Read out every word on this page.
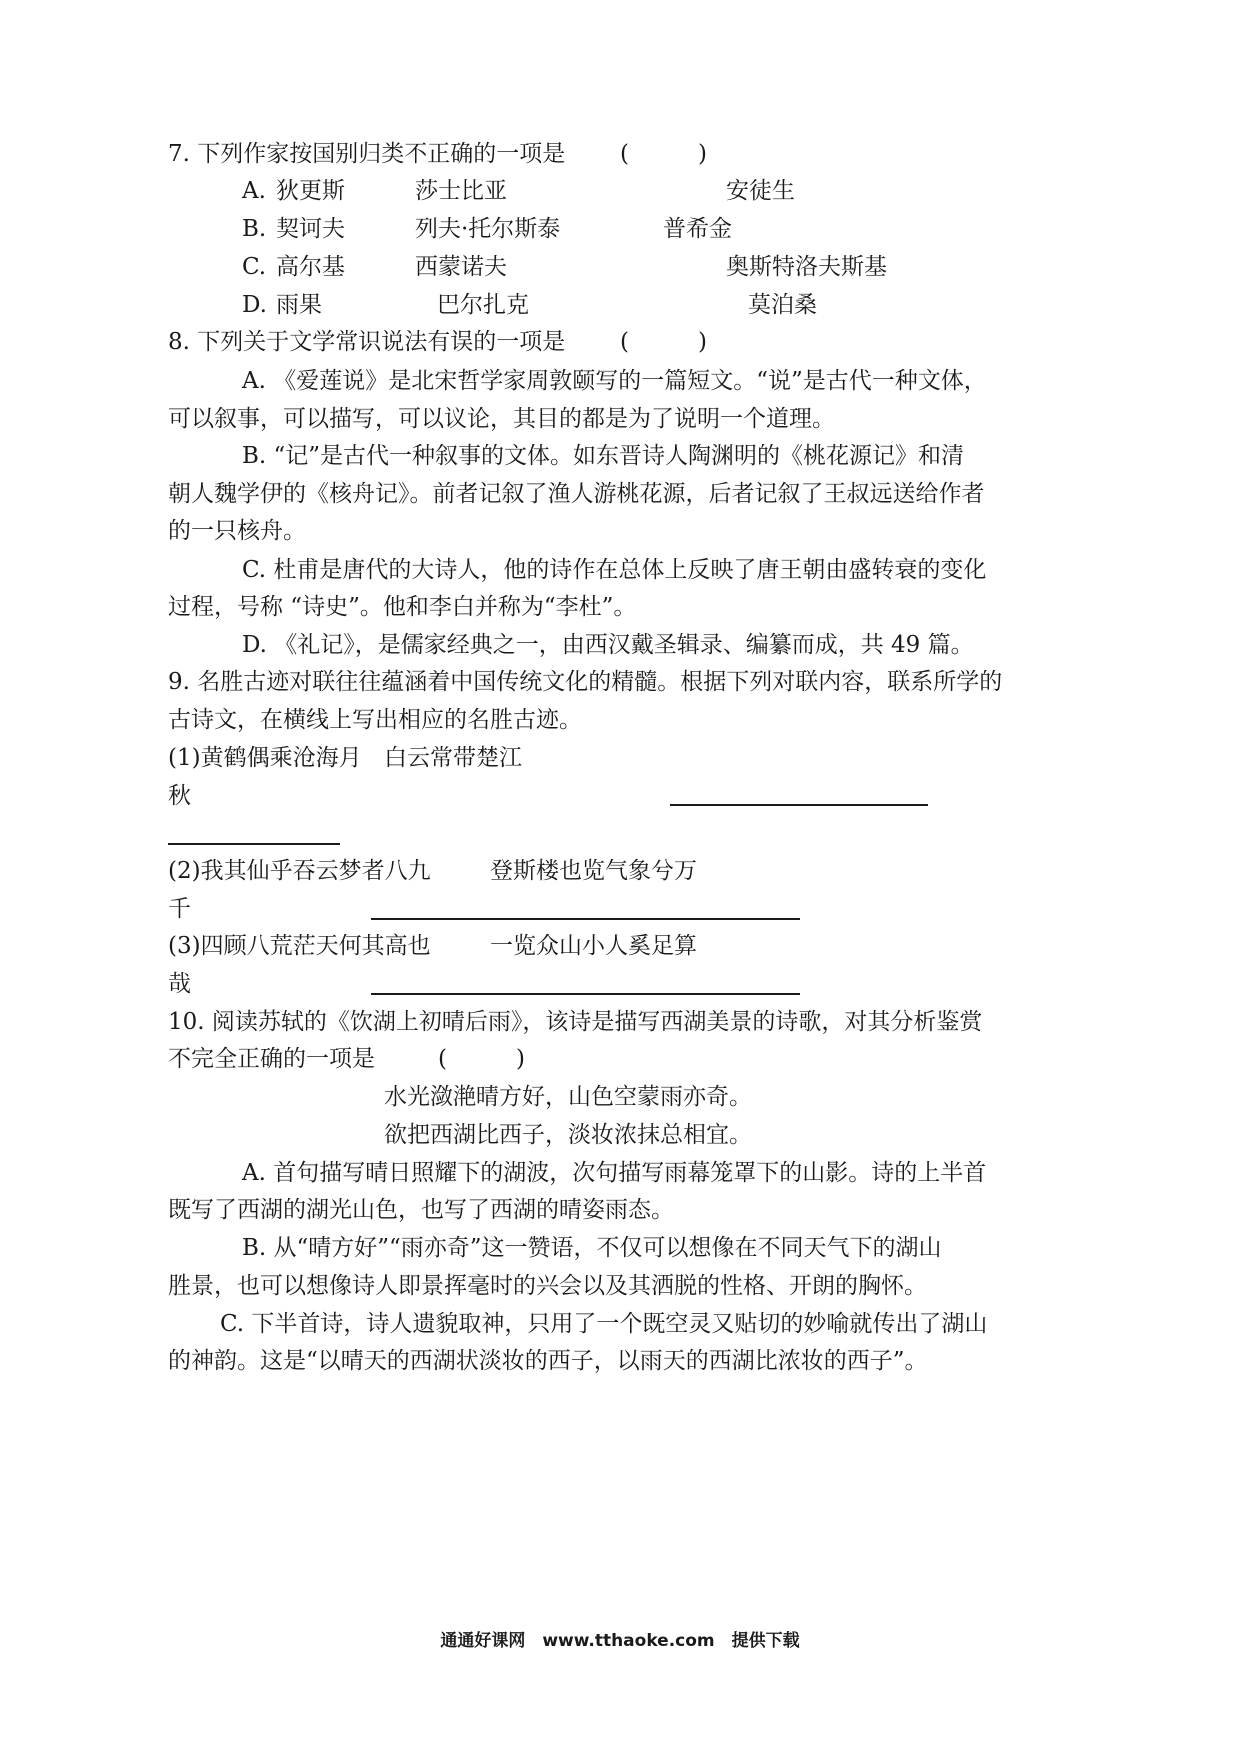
7. 下列作家按国别归类不正确的一项是 (　　　)
A. 狄更斯	莎士比亚	安徒生
B. 契诃夫	列夫·托尔斯泰	普希金
C. 高尔基	西蒙诺夫	奥斯特洛夫斯基
D. 雨果	巴尔扎克	莫泊桑
8. 下列关于文学常识说法有误的一项是 (　　　)
A. 《爱莲说》是北宋哲学家周敦颐写的一篇短文。“说”是古代一种文体，
可以叙事，可以描写，可以议论，其目的都是为了说明一个道理。
B. “记”是古代一种叙事的文体。如东晋诗人陶渊明的《桃花源记》和清
朝人魏学伊的《核舟记》。前者记叙了渔人游桃花源，后者记叙了王叔远送给作者
的一只核舟。
C. 杜甫是唐代的大诗人，他的诗作在总体上反映了唐王朝由盛转衰的变化
过程，号称 “诗史”。他和李白并称为“李杜”。
D. 《礼记》，是儒家经典之一，由西汉戴圣辑录、编纂而成，共 49 篇。
9. 名胜古迹对联往往蕴涵着中国传统文化的精髓。根据下列对联内容，联系所学的
古诗文，在横线上写出相应的名胜古迹。
(1)黄鹤偶乘沧海月 白云常带楚江
秋
(2)我其仙乎吞云梦者八九	登斯楼也览气象兮万
千
(3)四顾八荒茫天何其高也	一览众山小人奚足算
哉
10. 阅读苏轼的《饮湖上初晴后雨》，该诗是描写西湖美景的诗歌，对其分析鉴赏
不完全正确的一项是	(　　　)
水光潋滟晴方好，山色空蒙雨亦奇。
欲把西湖比西子，淡妆浓抹总相宜。
A. 首句描写晴日照耀下的湖波，次句描写雨幕笼罩下的山影。诗的上半首
既写了西湖的湖光山色，也写了西湖的晴姿雨态。
B. 从“晴方好”“雨亦奇”这一赞语，不仅可以想像在不同天气下的湖山
胜景，也可以想像诗人即景挥毫时的兴会以及其洒脱的性格、开朗的胸怀。
C. 下半首诗，诗人遗貌取神，只用了一个既空灵又贴切的妙喻就传出了湖山
的神韵。这是“以晴天的西湖状淡妆的西子，以雨天的西湖比浓妆的西子”。
通通好课网　www.tthaoke.com　提供下载
